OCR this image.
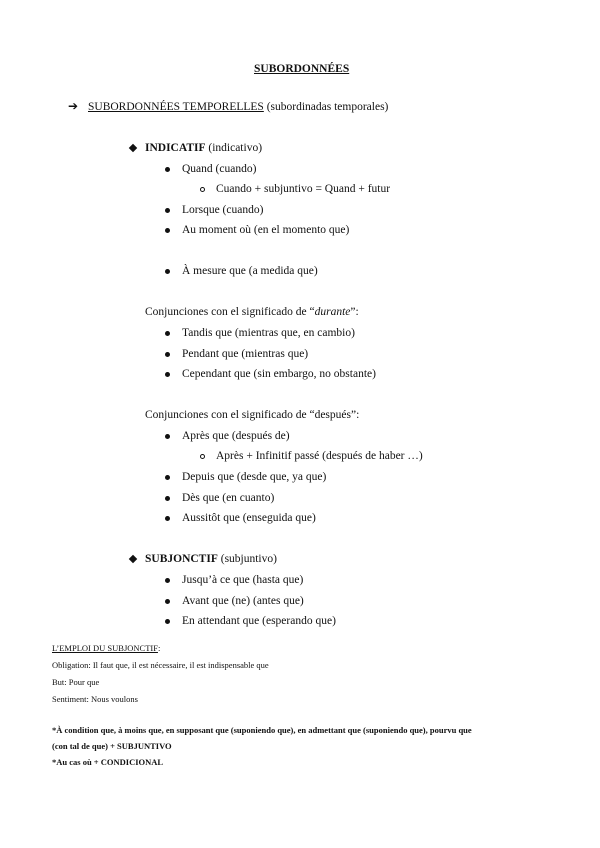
SUBORDONNÉES
➔ SUBORDONNÉES TEMPORELLES (subordinadas temporales)
INDICATIF (indicativo)
Quand (cuando)
Cuando + subjuntivo = Quand + futur
Lorsque (cuando)
Au moment où (en el momento que)
À mesure que (a medida que)
Conjunciones con el significado de “durante”:
Tandis que (mientras que, en cambio)
Pendant que (mientras que)
Cependant que (sin embargo, no obstante)
Conjunciones con el significado de “después”:
Après que (después de)
Après + Infinitif passé (después de haber …)
Depuis que (desde que, ya que)
Dès que (en cuanto)
Aussitôt que (enseguida que)
SUBJONCTIF (subjuntivo)
Jusqu’à ce que (hasta que)
Avant que (ne) (antes que)
En attendant que (esperando que)
L’EMPLOI DU SUBJONCTIF:
Obligation: Il faut que, il est nécessaire, il est indispensable que
But: Pour que
Sentiment: Nous voulons
*À condition que, à moins que, en supposant que (suponiendo que), en admettant que (suponiendo que), pourvu que
(con tal de que) + SUBJUNTIVO
*Au cas où + CONDICIONAL
